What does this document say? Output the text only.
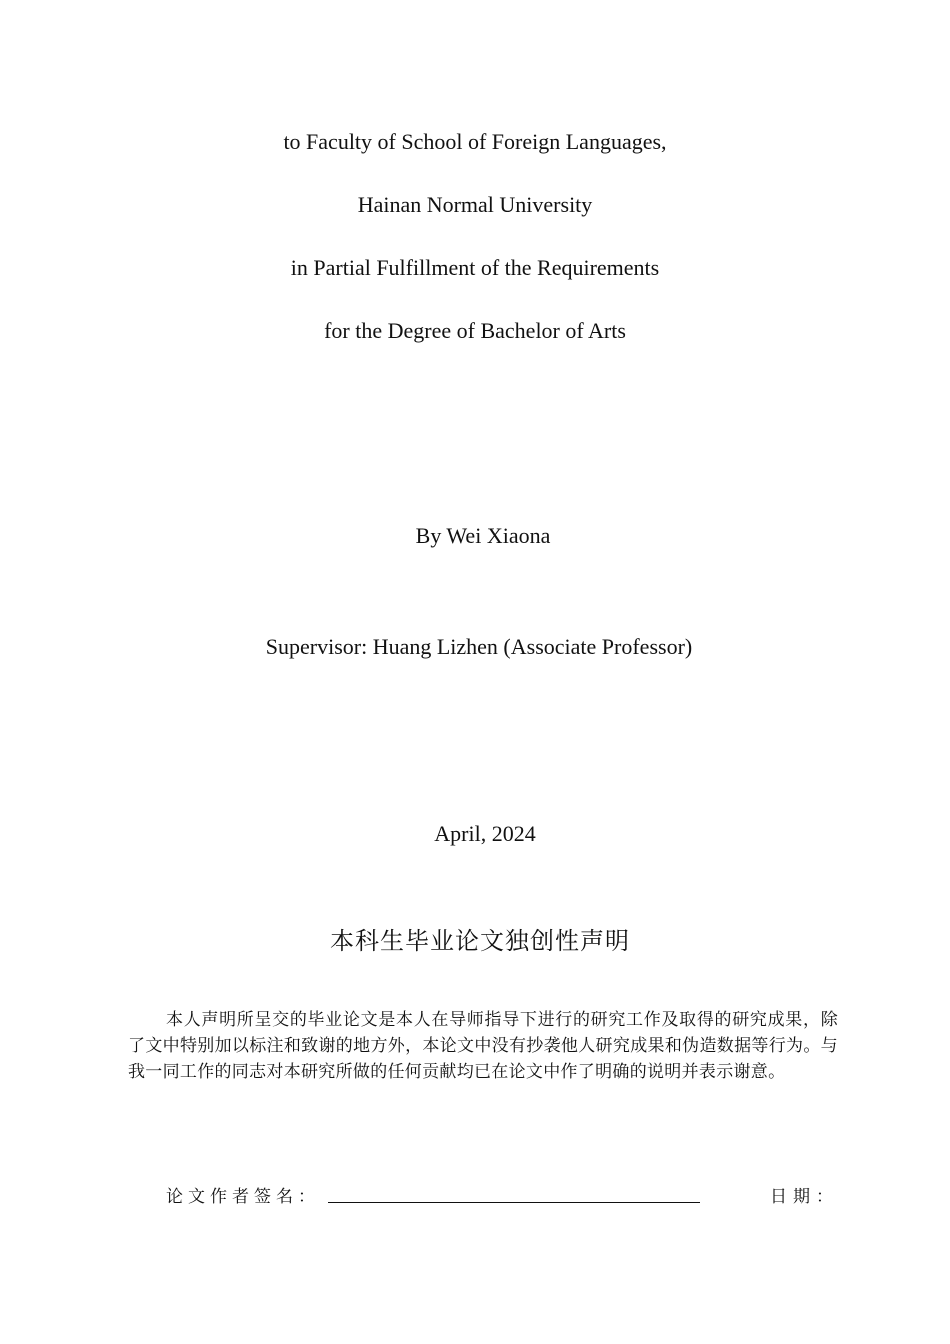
to Faculty of School of Foreign Languages,
Hainan Normal University
in Partial Fulfillment of the Requirements
for the Degree of Bachelor of Arts
By Wei Xiaona
Supervisor: Huang Lizhen (Associate Professor)
April, 2024
本科生毕业论文独创性声明
本人声明所呈交的毕业论文是本人在导师指导下进行的研究工作及取得的研究成果，除了文中特别加以标注和致谢的地方外，本论文中没有抄袭他人研究成果和伪造数据等行为。与我一同工作的同志对本研究所做的任何贡献均已在论文中作了明确的说明并表示谢意。
论文作者签名：	日期：
